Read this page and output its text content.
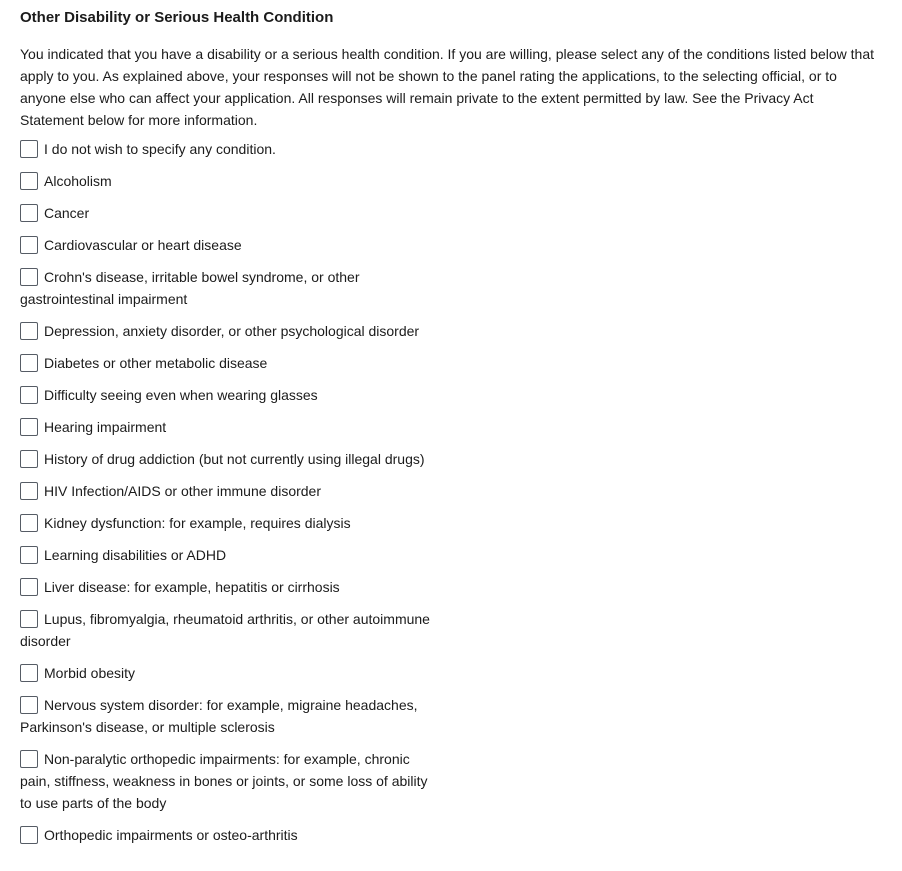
Other Disability or Serious Health Condition

You indicated that you have a disability or a serious health condition. If you are willing, please select any of the conditions listed below that apply to you. As explained above, your responses will not be shown to the panel rating the applications, to the selecting official, or to anyone else who can affect your application. All responses will remain private to the extent permitted by law. See the Privacy Act Statement below for more information.

I do not wish to specify any condition.
Alcoholism
Cancer
Cardiovascular or heart disease
Crohn's disease, irritable bowel syndrome, or other gastrointestinal impairment
Depression, anxiety disorder, or other psychological disorder
Diabetes or other metabolic disease
Difficulty seeing even when wearing glasses
Hearing impairment
History of drug addiction (but not currently using illegal drugs)
HIV Infection/AIDS or other immune disorder
Kidney dysfunction: for example, requires dialysis
Learning disabilities or ADHD
Liver disease: for example, hepatitis or cirrhosis
Lupus, fibromyalgia, rheumatoid arthritis, or other autoimmune disorder
Morbid obesity
Nervous system disorder: for example, migraine headaches, Parkinson's disease, or multiple sclerosis
Non-paralytic orthopedic impairments: for example, chronic pain, stiffness, weakness in bones or joints, or some loss of ability to use parts of the body
Orthopedic impairments or osteo-arthritis
